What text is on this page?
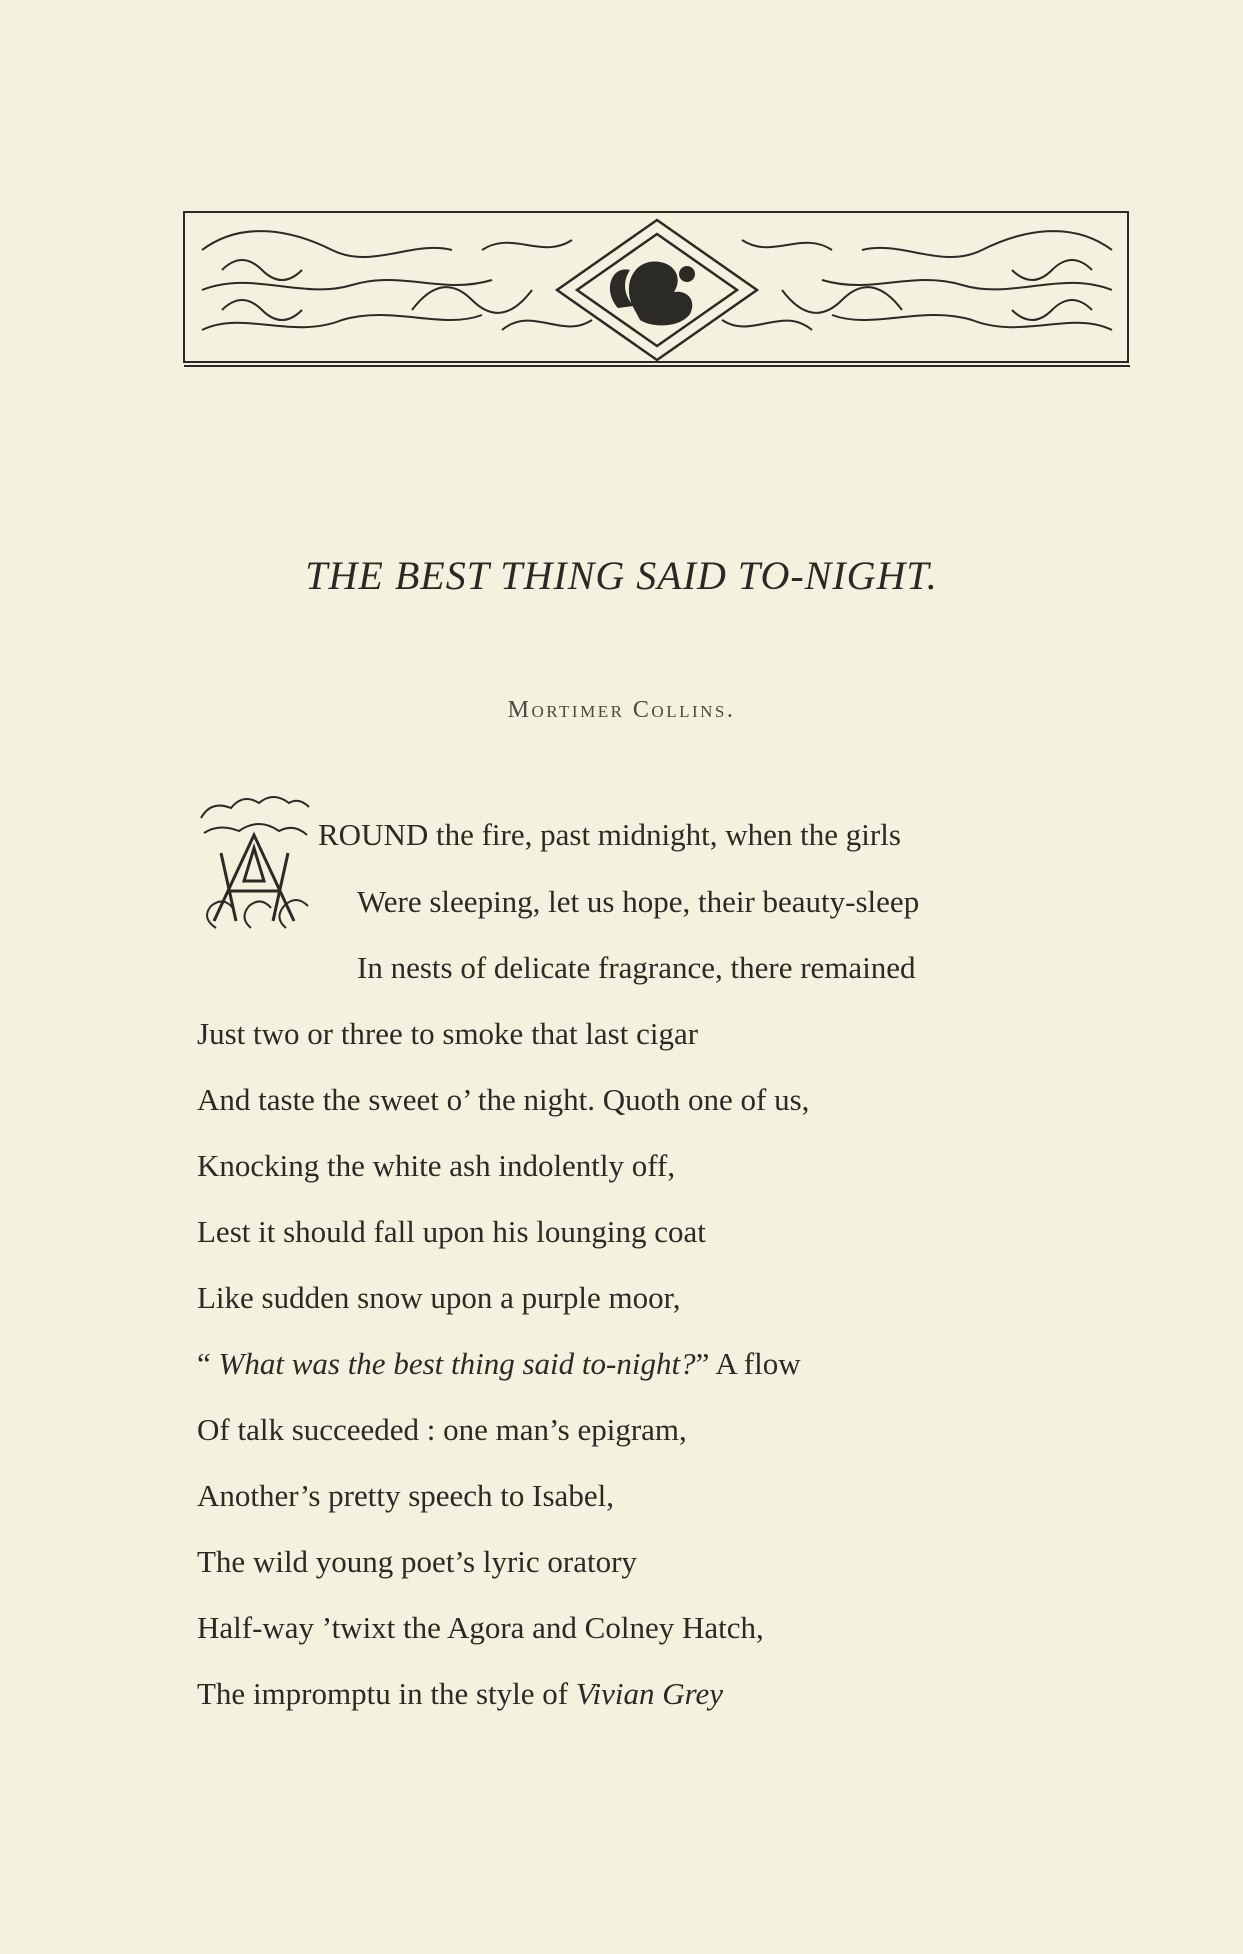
THE BEST THING SAID TO-NIGHT.
Mortimer Collins.
ROUND the fire, past midnight, when the girls
Were sleeping, let us hope, their beauty-sleep
In nests of delicate fragrance, there remained
Just two or three to smoke that last cigar
And taste the sweet o’ the night. Quoth one of us,
Knocking the white ash indolently off,
Lest it should fall upon his lounging coat
Like sudden snow upon a purple moor,
“ What was the best thing said to-night?” A flow
Of talk succeeded : one man’s epigram,
Another’s pretty speech to Isabel,
The wild young poet’s lyric oratory
Half-way ’twixt the Agora and Colney Hatch,
The impromptu in the style of Vivian Grey
